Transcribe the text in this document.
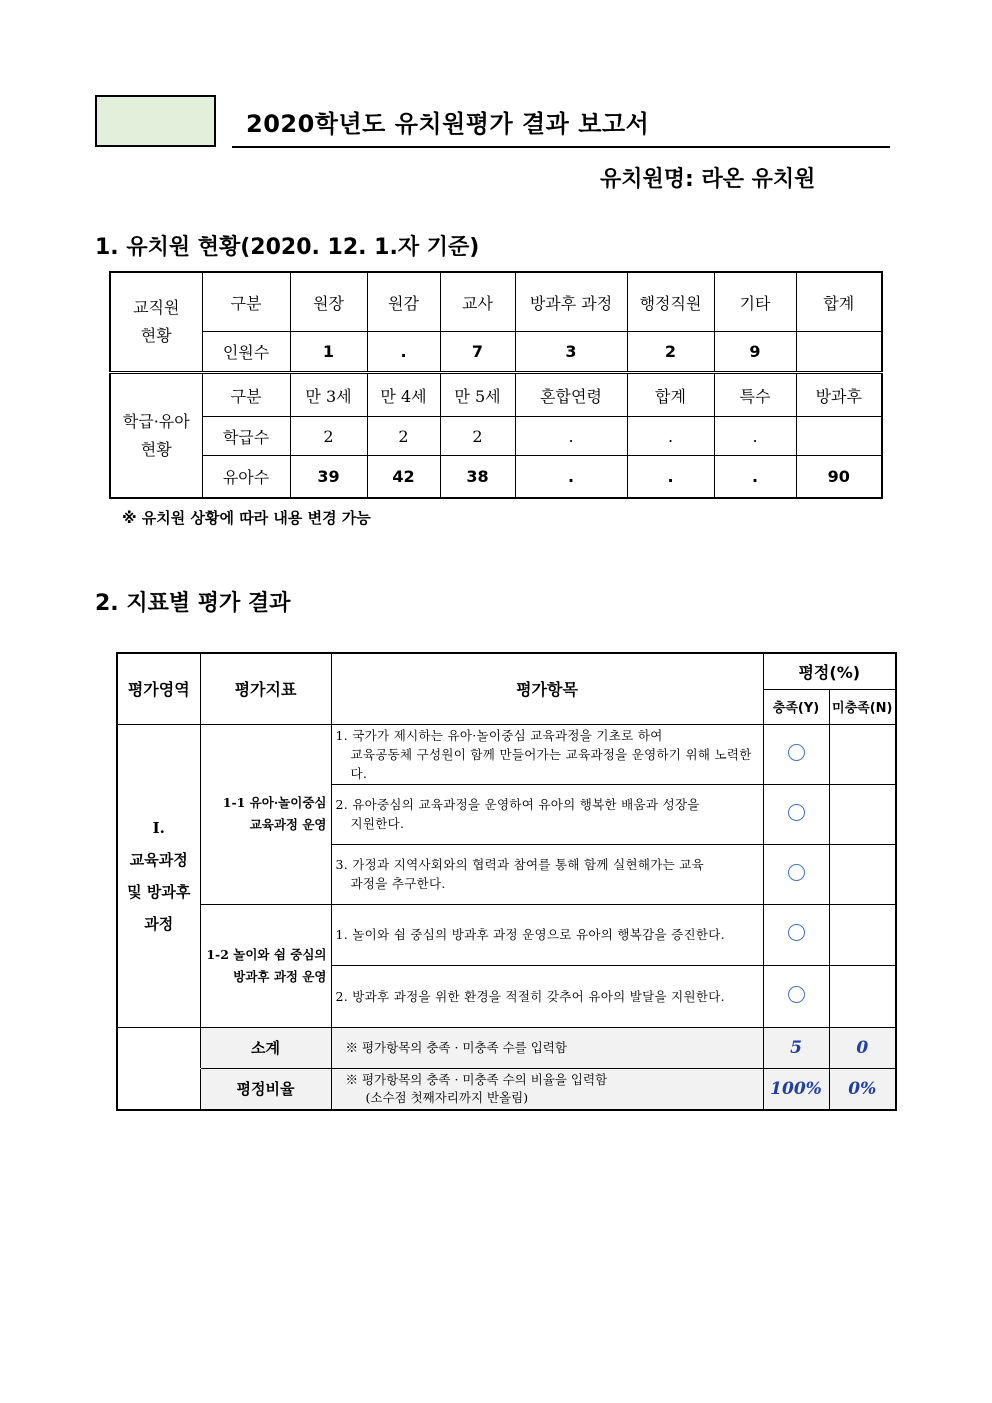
2020학년도 유치원평가 결과 보고서
유치원명: 라온 유치원
1. 유치원 현황(2020. 12. 1.자 기준)
교직원
현황	구분	원장	원감	교사	방과후 과정	행정직원	기타	합계
	인원수	1	.	7	3	2	9	
학급·유아
현황	구분	만 3세	만 4세	만 5세	혼합연령	합계	특수	방과후
	학급수	2	2	2	.	.	.	
	유아수	39	42	38	.	.	.	90
※ 유치원 상황에 따라 내용 변경 가능
2. 지표별 평가 결과
평가영역	평가지표	평가항목	평정(%)	
			충족(Y)	미충족(N)
Ⅰ.
교육과정
및 방과후
과정	1-1 유아·놀이중심
교육과정 운영	1. 국가가 제시하는 유아·놀이중심 교육과정을 기초로 하여
교육공동체 구성원이 함께 만들어가는 교육과정을 운영하기 위해 노력한다.		

		2. 유아중심의 교육과정을 운영하여 유아의 행복한 배움과 성장을
지원한다.		

		3. 가정과 지역사회와의 협력과 참여를 통해 함께 실현해가는 교육
과정을 추구한다.		

	1-2 놀이와 쉼 중심의
방과후 과정 운영	1. 놀이와 쉼 중심의 방과후 과정 운영으로 유아의 행복감을 증진한다.		
		2. 방과후 과정을 위한 환경을 적절히 갖추어 유아의 발달을 지원한다.		
	소계	※ 평가항목의 충족 · 미충족 수를 입력함	5	0
	평정비율	※ 평가항목의 충족 · 미충족 수의 비율을 입력함
(소수점 첫째자리까지 반올림)	100%	0%
